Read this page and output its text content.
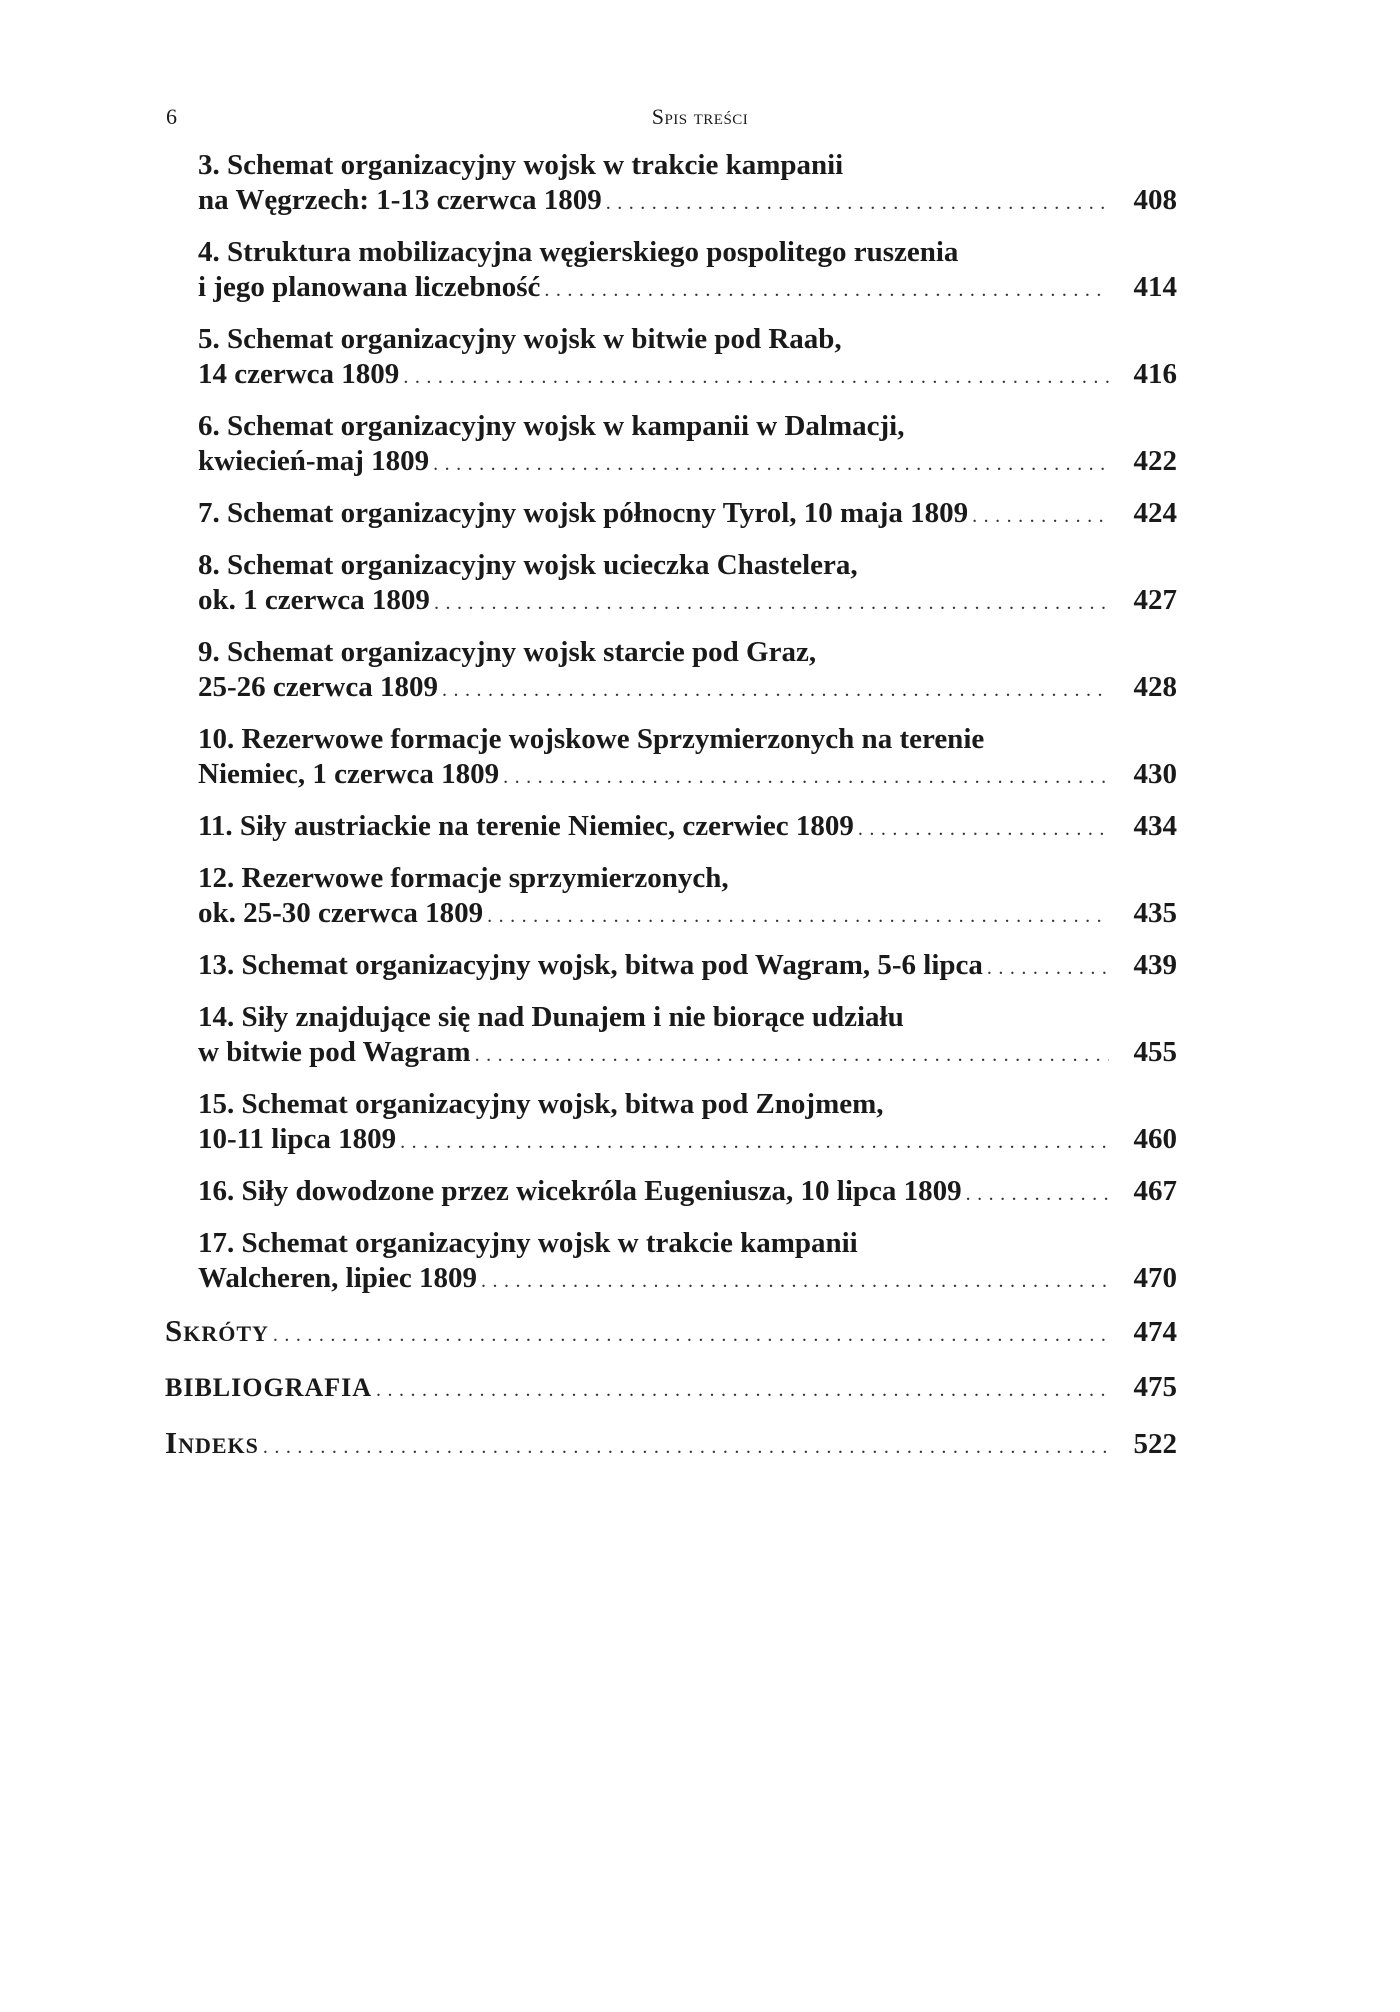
6	Spis treści
3. Schemat organizacyjny wojsk w trakcie kampanii
na Węgrzech: 1-13 czerwca 1809 . . .	408
4. Struktura mobilizacyjna węgierskiego pospolitego ruszenia
i jego planowana liczebność . . .	414
5. Schemat organizacyjny wojsk w bitwie pod Raab,
14 czerwca 1809 . . .	416
6. Schemat organizacyjny wojsk w kampanii w Dalmacji,
kwiecień-maj 1809 . . .	422
7. Schemat organizacyjny wojsk północny Tyrol, 10 maja 1809 . . .	424
8. Schemat organizacyjny wojsk ucieczka Chastelera,
ok. 1 czerwca 1809 . . .	427
9. Schemat organizacyjny wojsk starcie pod Graz,
25-26 czerwca 1809 . . .	428
10. Rezerwowe formacje wojskowe Sprzymierzonych na terenie
Niemiec, 1 czerwca 1809 . . .	430
11. Siły austriackie na terenie Niemiec, czerwiec 1809 . . .	434
12. Rezerwowe formacje sprzymierzonych,
ok. 25-30 czerwca 1809 . . .	435
13. Schemat organizacyjny wojsk, bitwa pod Wagram, 5-6 lipca . . .	439
14. Siły znajdujące się nad Dunajem i nie biorące udziału
w bitwie pod Wagram . . .	455
15. Schemat organizacyjny wojsk, bitwa pod Znojmem,
10-11 lipca 1809 . . .	460
16. Siły dowodzone przez wicekróla Eugeniusza, 10 lipca 1809 . . .	467
17. Schemat organizacyjny wojsk w trakcie kampanii
Walcheren, lipiec 1809 . . .	470
Skróty . . .	474
BIBLIOGRAFIA . . .	475
Indeks . . .	522
